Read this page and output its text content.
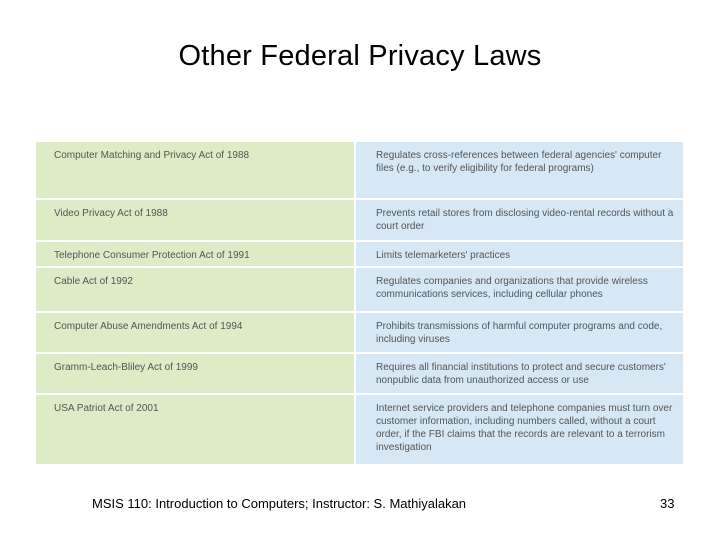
Other Federal Privacy Laws
Computer Matching and Privacy Act of 1988	Regulates cross-references between federal agencies' computer files (e.g., to verify eligibility for federal programs)
Video Privacy Act of 1988	Prevents retail stores from disclosing video-rental records without a court order
Telephone Consumer Protection Act of 1991	Limits telemarketers' practices
Cable Act of 1992	Regulates companies and organizations that provide wireless communications services, including cellular phones
Computer Abuse Amendments Act of 1994	Prohibits transmissions of harmful computer programs and code, including viruses
Gramm-Leach-Bliley Act of 1999	Requires all financial institutions to protect and secure customers' nonpublic data from unauthorized access or use
USA Patriot Act of 2001	Internet service providers and telephone companies must turn over customer information, including numbers called, without a court order, if the FBI claims that the records are relevant to a terrorism investigation
MSIS 110: Introduction to Computers; Instructor: S. Mathiyalakan	33
